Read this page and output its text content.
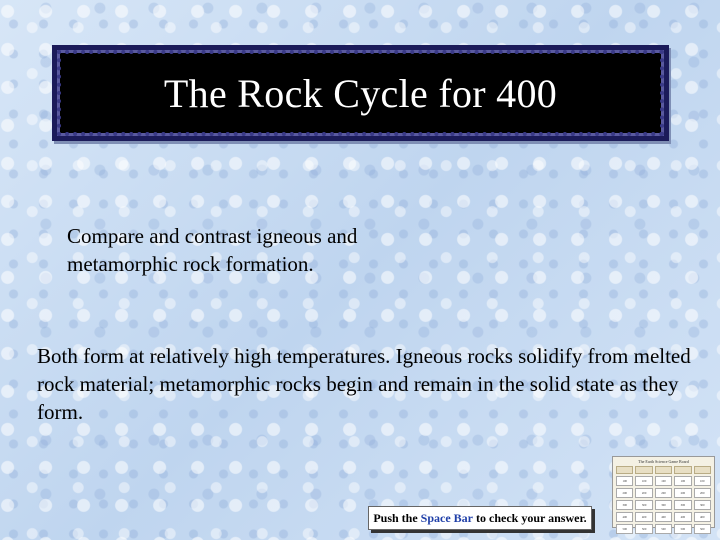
The Rock Cycle for 400
Compare and contrast igneous and metamorphic rock formation.
Both form at relatively high temperatures. Igneous rocks solidify from melted rock material; metamorphic rocks begin and remain in the solid state as they form.
Push the
Space Bar
to check your answer.
The Earth Science Game Board
100	100	100	100	100
200	200	200	200	200
300	300	300	300	300
400	400	400	400	400
500	500	500	500	500
